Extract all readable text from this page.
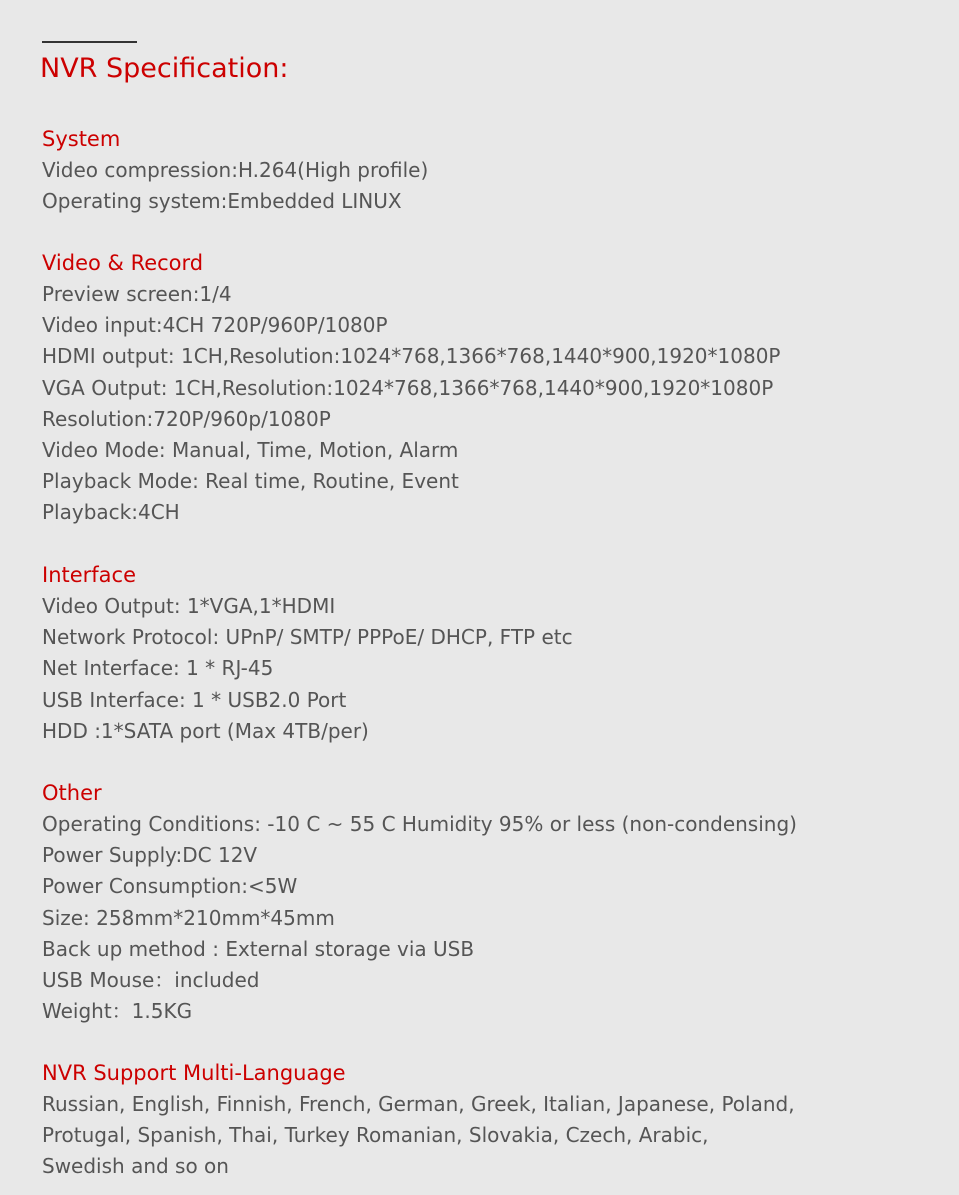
NVR Specification:
System
Video compression:H.264(High profile)
Operating system:Embedded LINUX
Video & Record
Preview screen:1/4
Video input:4CH 720P/960P/1080P
HDMI output: 1CH,Resolution:1024*768,1366*768,1440*900,1920*1080P
VGA Output: 1CH,Resolution:1024*768,1366*768,1440*900,1920*1080P
Resolution:720P/960p/1080P
Video Mode: Manual, Time, Motion, Alarm
Playback Mode: Real time, Routine, Event
Playback:4CH
Interface
Video Output: 1*VGA,1*HDMI
Network Protocol: UPnP/ SMTP/ PPPoE/ DHCP, FTP etc
Net Interface: 1 * RJ-45
USB Interface: 1 * USB2.0 Port
HDD :1*SATA port (Max 4TB/per)
Other
Operating Conditions: -10 C ~ 55 C Humidity 95% or less (non-condensing)
Power Supply:DC 12V
Power Consumption:<5W
Size: 258mm*210mm*45mm
Back up method : External storage via USB
USB Mouse：included
Weight：1.5KG
NVR Support Multi-Language
Russian, English, Finnish, French, German, Greek, Italian, Japanese, Poland,
Protugal, Spanish, Thai, Turkey Romanian, Slovakia, Czech, Arabic,
Swedish and so on
